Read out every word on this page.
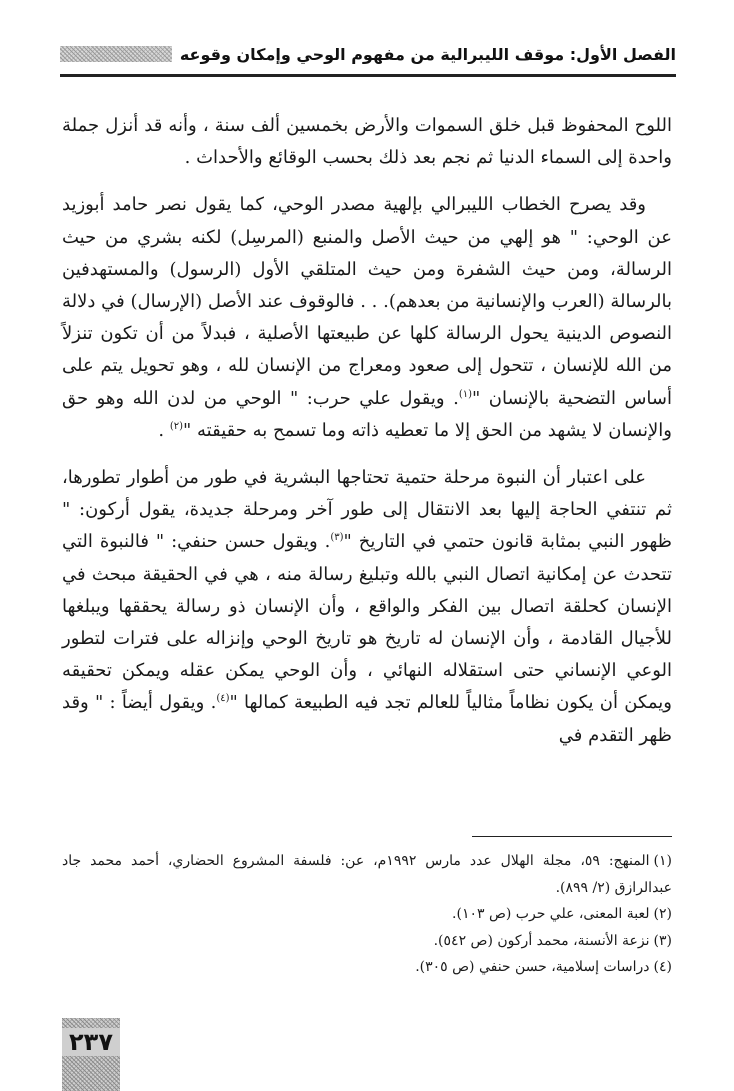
الفصل الأول: موقف الليبرالية من مفهوم الوحي وإمكان وقوعه

اللوح المحفوظ قبل خلق السموات والأرض بخمسين ألف سنة ، وأنه قد أنزل جملة واحدة إلى السماء الدنيا ثم نجم بعد ذلك بحسب الوقائع والأحداث .

وقد يصرح الخطاب الليبرالي بإلهية مصدر الوحي، كما يقول نصر حامد أبوزيد عن الوحي: " هو إلهي من حيث الأصل والمنبع (المرسِل) لكنه بشري من حيث الرسالة، ومن حيث الشفرة ومن حيث المتلقي الأول (الرسول) والمستهدفين بالرسالة (العرب والإنسانية من بعدهم). . . فالوقوف عند الأصل (الإرسال) في دلالة النصوص الدينية يحول الرسالة كلها عن طبيعتها الأصلية ، فبدلاً من أن تكون تنزلاً من الله للإنسان ، تتحول إلى صعود ومعراج من الإنسان لله ، وهو تحويل يتم على أساس التضحية بالإنسان "$^{(١)}$. ويقول علي حرب: " الوحي من لدن الله وهو حق والإنسان لا يشهد من الحق إلا ما تعطيه ذاته وما تسمح به حقيقته "$^{(٢)}$ .

على اعتبار أن النبوة مرحلة حتمية تحتاجها البشرية في طور من أطوار تطورها، ثم تنتفي الحاجة إليها بعد الانتقال إلى طور آخر ومرحلة جديدة، يقول أركون: " ظهور النبي بمثابة قانون حتمي في التاريخ "$^{(٣)}$. ويقول حسن حنفي: " فالنبوة التي تتحدث عن إمكانية اتصال النبي بالله وتبليغ رسالة منه ، هي في الحقيقة مبحث في الإنسان كحلقة اتصال بين الفكر والواقع ، وأن الإنسان ذو رسالة يحققها ويبلغها للأجيال القادمة ، وأن الإنسان له تاريخ هو تاريخ الوحي وإنزاله على فترات لتطور الوعي الإنساني حتى استقلاله النهائي ، وأن الوحي يمكن عقله ويمكن تحقيقه ويمكن أن يكون نظاماً مثالياً للعالم تجد فيه الطبيعة كمالها "$^{(٤)}$. ويقول أيضاً : " وقد ظهر التقدم في

(١)المنهج: ٥٩، مجلة الهلال عدد مارس ١٩٩٢م، عن: فلسفة المشروع الحضاري، أحمد محمد جاد عبدالرازق (٢/ ٨٩٩).

(٢)لعبة المعنى، علي حرب (ص ١٠٣).

(٣)نزعة الأنسنة، محمد أركون (ص ٥٤٢).

(٤)دراسات إسلامية، حسن حنفي (ص ٣٠٥).

٢٣٧
